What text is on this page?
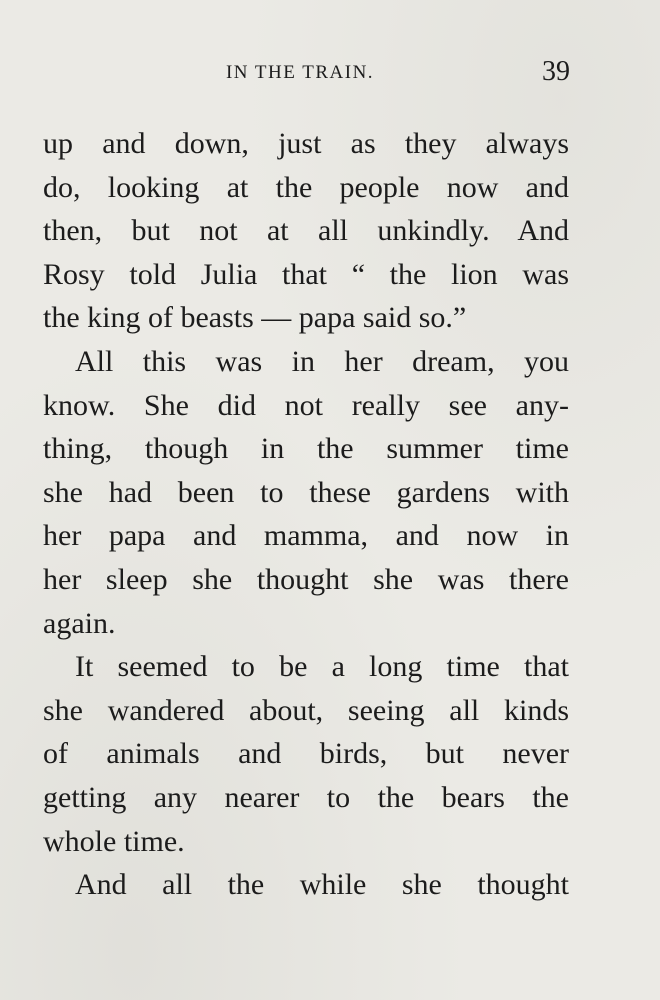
IN THE TRAIN.	39
up and down, just as they always
do, looking at the people now and
then, but not at all unkindly. And
Rosy told Julia that “ the lion was
the king of beasts — papa said so.”
All this was in her dream, you
know. She did not really see any-
thing, though in the summer time
she had been to these gardens with
her papa and mamma, and now in
her sleep she thought she was there
again.
It seemed to be a long time that
she wandered about, seeing all kinds
of animals and birds, but never
getting any nearer to the bears the
whole time.
And all the while she thought
